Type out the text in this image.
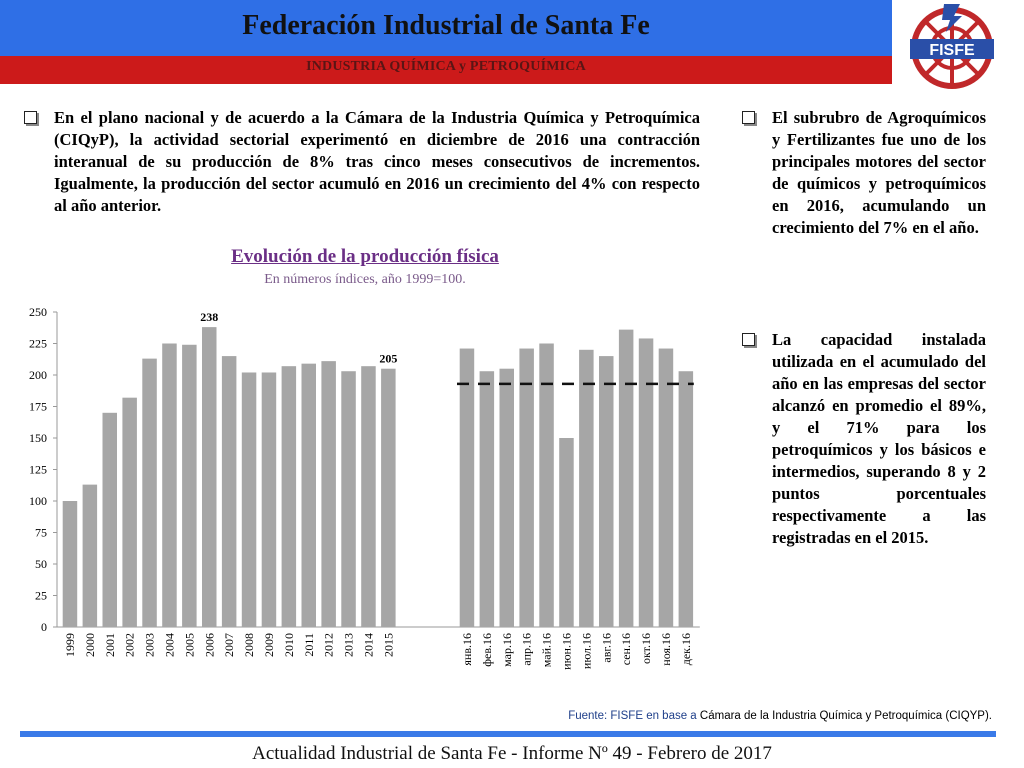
Federación Industrial de Santa Fe
INDUSTRIA QUÍMICA y PETROQUÍMICA
FISFE
En el plano nacional y de acuerdo a la Cámara de la Industria Química y Petroquímica (CIQyP), la actividad sectorial experimentó en diciembre de 2016 una contracción interanual de su producción de 8% tras cinco meses consecutivos de incrementos. Igualmente, la producción del sector acumuló en 2016 un crecimiento del 4% con respecto al año anterior.
El subrubro de Agroquímicos y Fertilizantes fue uno de los principales motores del sector de químicos y petroquímicos en 2016, acumulando un crecimiento del 7% en el año.
La capacidad instalada utilizada en el acumulado del año en las empresas del sector alcanzó en promedio el 89%, y el 71% para los petroquímicos y los básicos e intermedios, superando 8 y 2 puntos porcentuales respectivamente a las registradas en el 2015.
Evolución de la producción física
En números índices, año 1999=100.
0
25
50
75
100
125
150
175
200
225
250
1999 2000 2001 2002 2003 2004 2005 2006 2007 2008 2009 2010 2011 2012 2013 2014 2015	янв.16 фев.16 мар.16 апр.16 май.16 июн.16 июл.16 авг.16 сен.16 окт.16 ноя.16 дек.16
238
205
Fuente: FISFE en base a Cámara de la Industria Química y Petroquímica (CIQYP).
Actualidad Industrial de Santa Fe - Informe Nº 49 - Febrero de 2017
